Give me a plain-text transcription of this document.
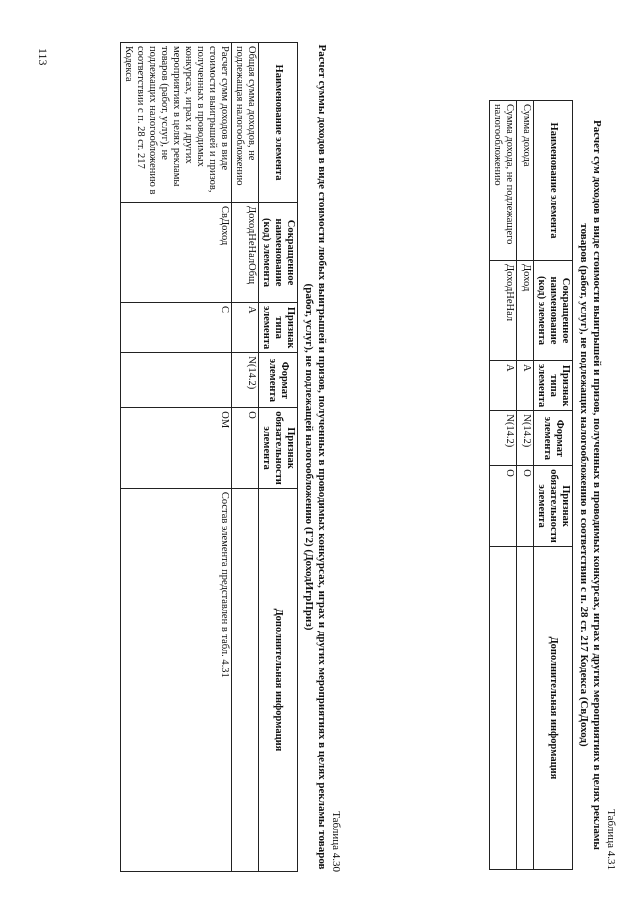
113
Таблица 4.30
Расчет суммы доходов в виде стоимости любых выигрышей и призов, полученных в проводимых конкурсах, играх и других мероприятиях в целях рекламы товаров (работ, услуг), не подлежащей налогообложению (Г2) (ДоходИгрПриз)
Наименование элемента	Сокращенное наименование (код) элемента	Признак типа элемента	Формат элемента	Признак обязательности элемента	Дополнительная информация
Общая сумма доходов, не подлежащая налогообложению	ДоходНеНалОбщ	А	N(14.2)	О	
Расчет сумм доходов в виде стоимости выигрышей и призов, полученных в проводимых конкурсах, играх и других мероприятиях в целях рекламы товаров (работ, услуг), не подлежащих налогообложению в соответствии с п. 28 ст. 217 Кодекса	СвДоход	С		ОМ	Состав элемента представлен в табл. 4.31
Таблица 4.31
Расчет сум доходов в виде стоимости выигрышей и призов, полученных в проводимых конкурсах, играх и других мероприятиях в целях рекламы товаров (работ, услуг), не подлежащих налогообложению в соответствии с п. 28 ст. 217 Кодекса (СвДоход)
Наименование элемента	Сокращенное наименование (код) элемента	Признак типа элемента	Формат элемента	Признак обязательности элемента	Дополнительная информация
Сумма дохода	Доход	А	N(14.2)	О	
Сумма дохода, не подлежащего налогообложению	ДоходНеНал	А	N(14.2)	О	
